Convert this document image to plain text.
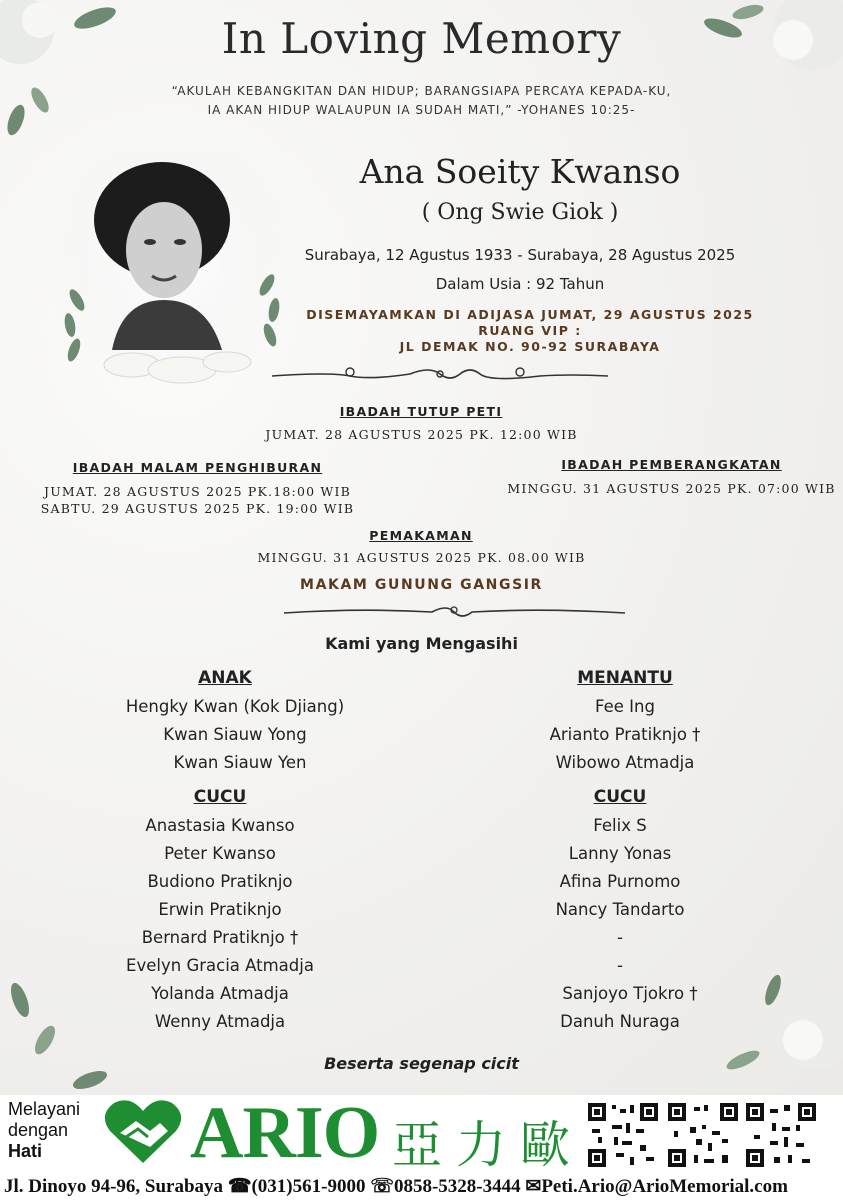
In Loving Memory
“AKULAH KEBANGKITAN DAN HIDUP; BARANGSIAPA PERCAYA KEPADA-KU,
IA AKAN HIDUP WALAUPUN IA SUDAH MATI,” -YOHANES 10:25-
Ana Soeity Kwanso
( Ong Swie Giok )
Surabaya, 12 Agustus 1933 - Surabaya, 28 Agustus 2025
Dalam Usia : 92 Tahun
DISEMAYAMKAN DI ADIJASA JUMAT, 29 AGUSTUS 2025
RUANG VIP :
JL DEMAK NO. 90-92 SURABAYA
IBADAH TUTUP PETI
JUMAT. 28 AGUSTUS 2025 PK. 12:00 WIB
IBADAH MALAM PENGHIBURAN
JUMAT. 28 AGUSTUS 2025 PK.18:00 WIB
SABTU. 29 AGUSTUS 2025 PK. 19:00 WIB
IBADAH PEMBERANGKATAN
MINGGU. 31 AGUSTUS 2025 PK. 07:00 WIB
PEMAKAMAN
MINGGU. 31 AGUSTUS 2025 PK. 08.00 WIB
MAKAM GUNUNG GANGSIR
Kami yang Mengasihi
ANAK
Hengky Kwan (Kok Djiang)
Kwan Siauw Yong
Kwan Siauw Yen
MENANTU
Fee Ing
Arianto Pratiknjo †
Wibowo Atmadja
CUCU
Anastasia Kwanso
Peter Kwanso
Budiono Pratiknjo
Erwin Pratiknjo
Bernard Pratiknjo †
Evelyn Gracia Atmadja
Yolanda Atmadja
Wenny Atmadja
CUCU
Felix S
Lanny Yonas
Afina Purnomo
Nancy Tandarto
-
-
Sanjoyo Tjokro †
Danuh Nuraga
Beserta segenap cicit
Melayani
dengan
Hati	ARIO 亞力歐
Jl. Dinoyo 94-96, Surabaya ☎(031)561-9000 ☏0858-5328-3444 ✉Peti.Ario@ArioMemorial.com
